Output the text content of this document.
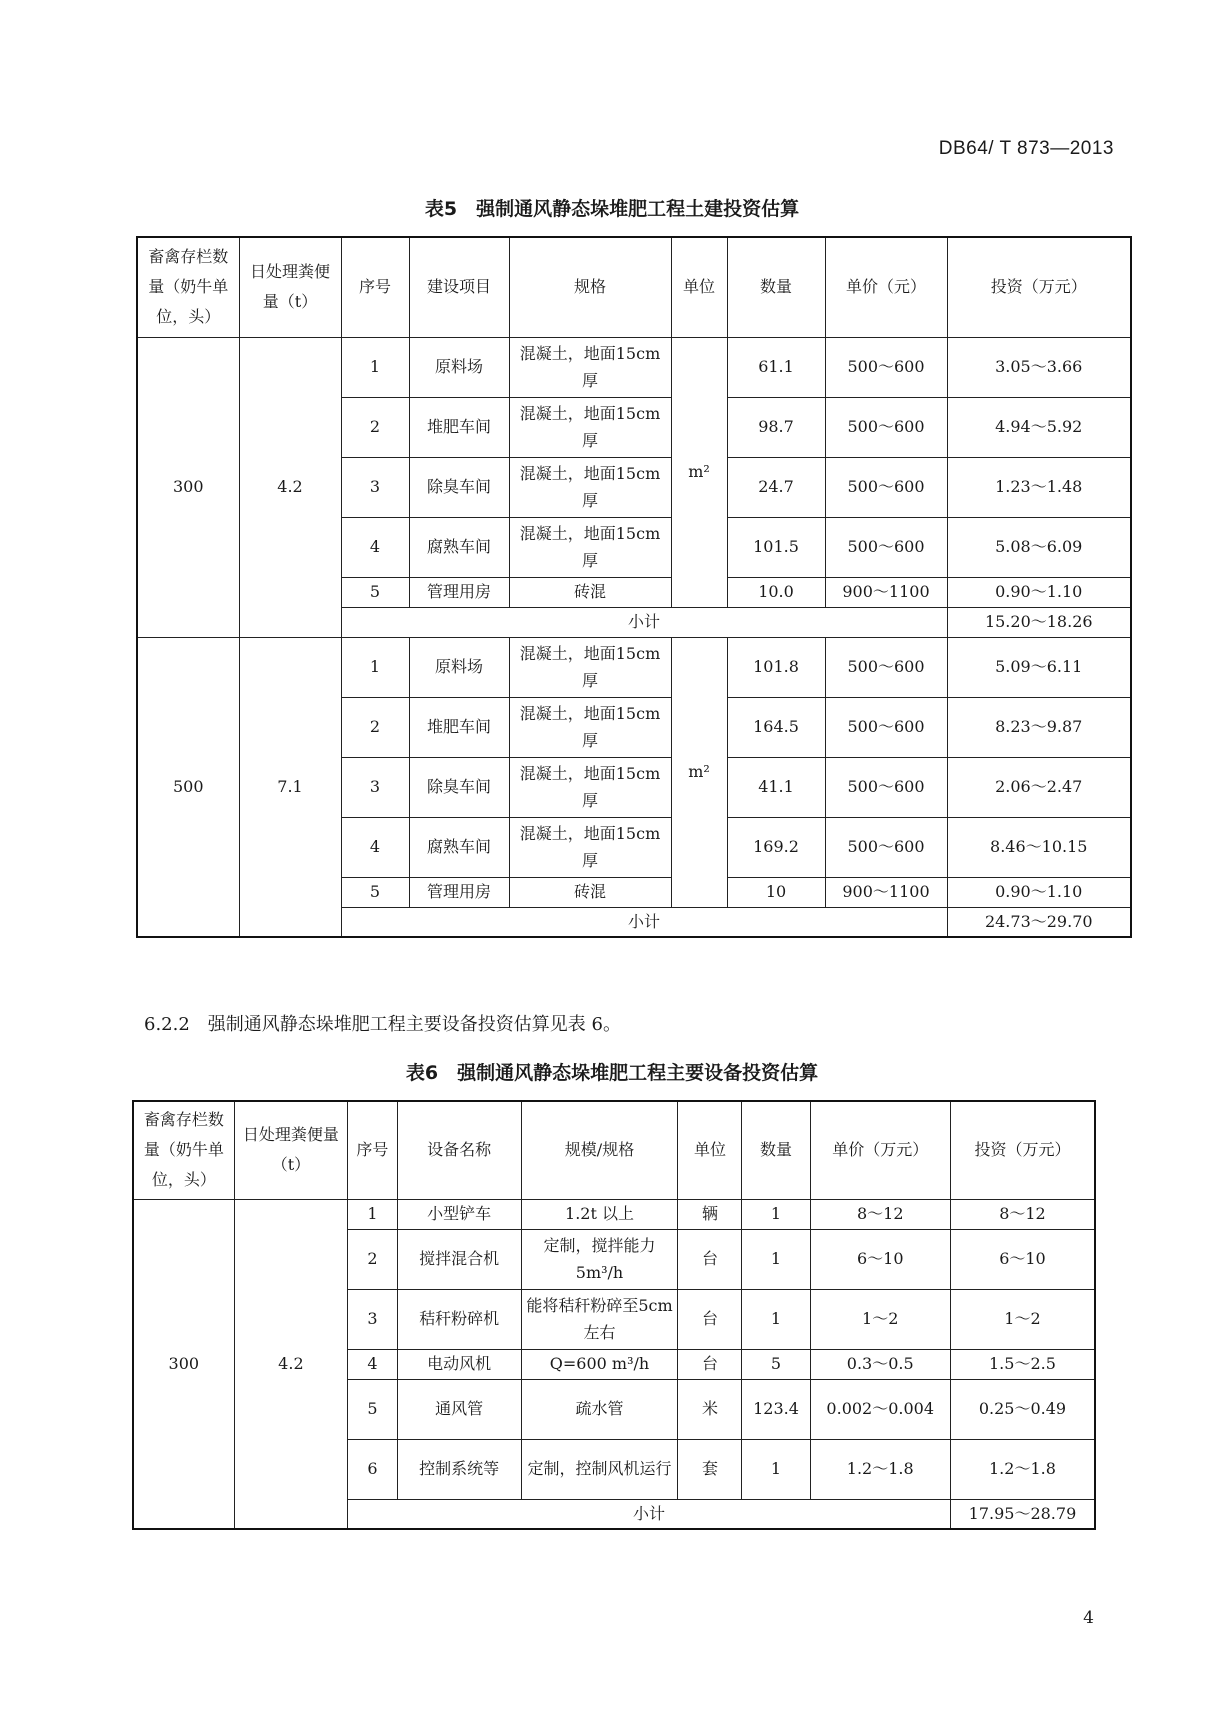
DB64/ T 873—2013
表5　强制通风静态垛堆肥工程土建投资估算
畜禽存栏数量（奶牛单位，头）	日处理粪便量（t）	序号	建设项目	规格	单位	数量	单价（元）	投资（万元）
300	4.2	1	原料场	混凝土，地面15cm厚	m²	61.1	500～600	3.05～3.66
		2	堆肥车间	混凝土，地面15cm厚		98.7	500～600	4.94～5.92
		3	除臭车间	混凝土，地面15cm厚		24.7	500～600	1.23～1.48
		4	腐熟车间	混凝土，地面15cm厚		101.5	500～600	5.08～6.09
		5	管理用房	砖混		10.0	900～1100	0.90～1.10
		小计						15.20～18.26
500	7.1	1	原料场	混凝土，地面15cm厚	m²	101.8	500～600	5.09～6.11
		2	堆肥车间	混凝土，地面15cm厚		164.5	500～600	8.23～9.87
		3	除臭车间	混凝土，地面15cm厚		41.1	500～600	2.06～2.47
		4	腐熟车间	混凝土，地面15cm厚		169.2	500～600	8.46～10.15
		5	管理用房	砖混		10	900～1100	0.90～1.10
		小计						24.73～29.70
6.2.2　强制通风静态垛堆肥工程主要设备投资估算见表 6。
表6　强制通风静态垛堆肥工程主要设备投资估算
畜禽存栏数量（奶牛单位，头）	日处理粪便量（t）	序号	设备名称	规模/规格	单位	数量	单价（万元）	投资（万元）
300	4.2	1	小型铲车	1.2t 以上	辆	1	8～12	8～12
		2	搅拌混合机	定制，搅拌能力5m³/h	台	1	6～10	6～10
		3	秸秆粉碎机	能将秸秆粉碎至5cm左右	台	1	1～2	1～2
		4	电动风机	Q=600 m³/h	台	5	0.3～0.5	1.5～2.5
		5	通风管	疏水管	米	123.4	0.002～0.004	0.25～0.49
		6	控制系统等	定制，控制风机运行	套	1	1.2～1.8	1.2～1.8
		小计						17.95～28.79
4
